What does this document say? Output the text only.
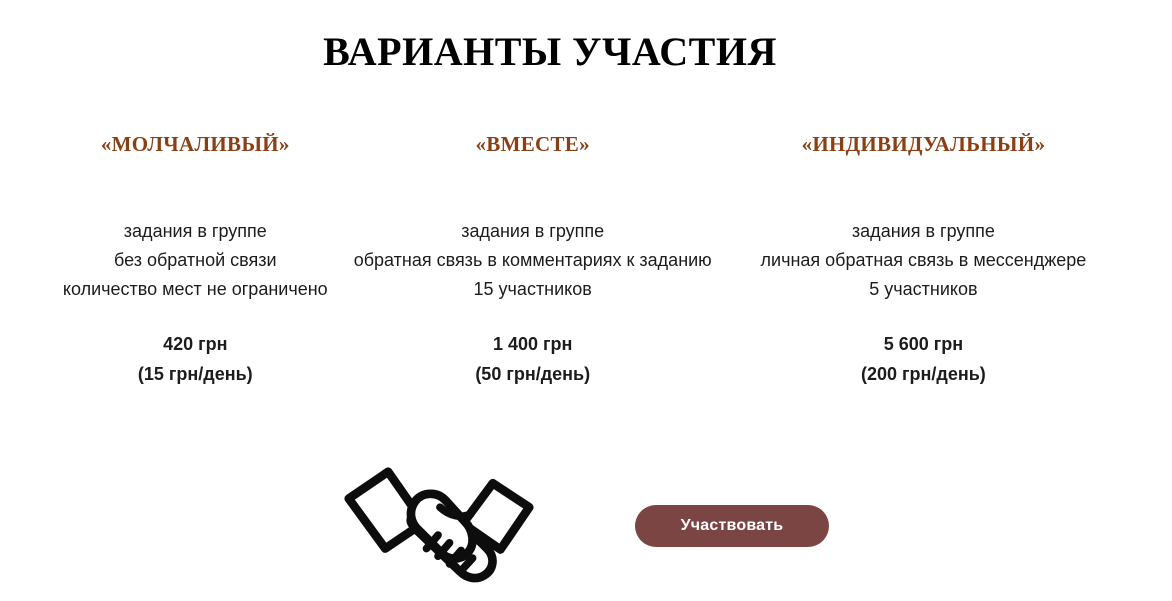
ВАРИАНТЫ УЧАСТИЯ
«МОЛЧАЛИВЫЙ»
задания в группе
без обратной связи
количество мест не ограничено
420 грн
(15 грн/день)
«ВМЕСТЕ»
задания в группе
обратная связь в комментариях к заданию
15 участников
1 400 грн
(50 грн/день)
«ИНДИВИДУАЛЬНЫЙ»
задания в группе
личная обратная связь в мессенджере
5 участников
5 600 грн
(200 грн/день)
Участвовать
